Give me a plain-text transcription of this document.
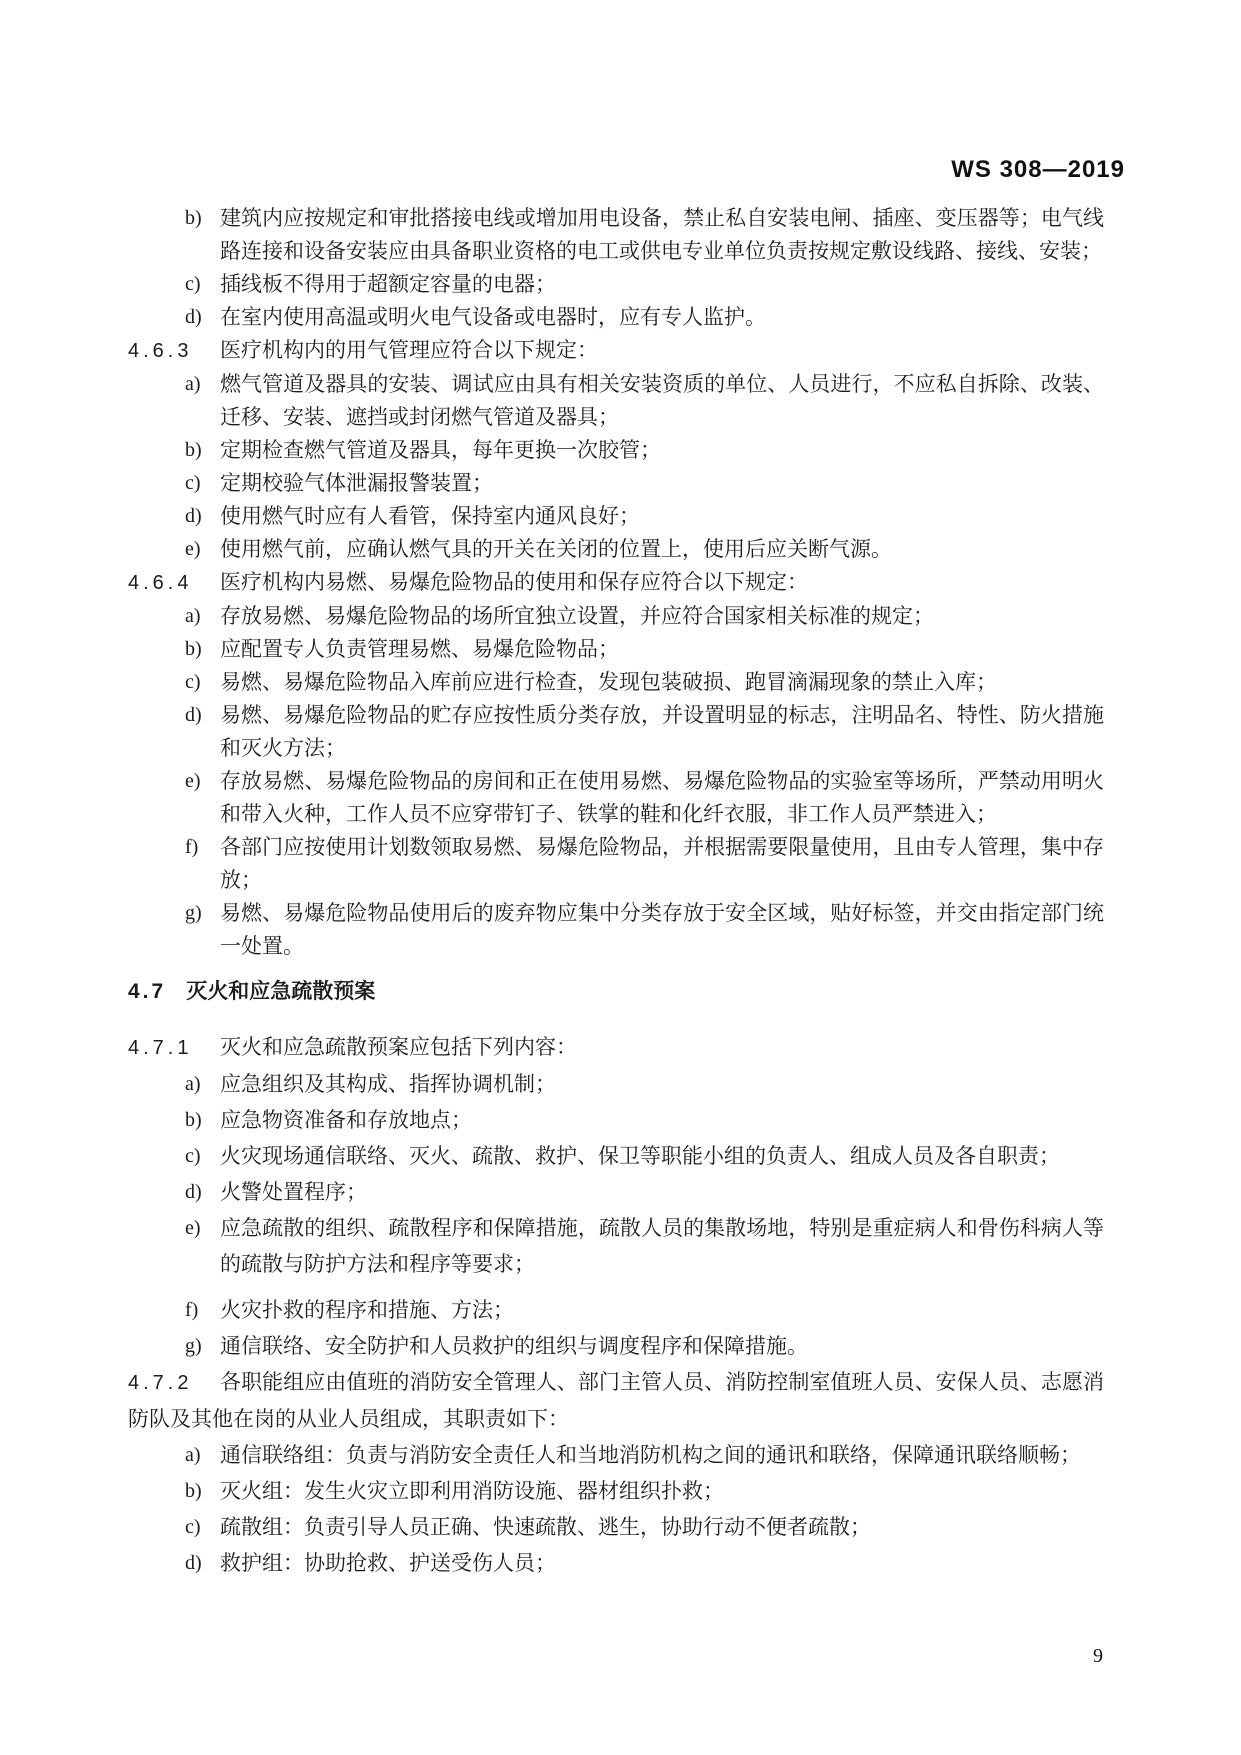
WS 308—2019
b) 建筑内应按规定和审批搭接电线或增加用电设备，禁止私自安装电闸、插座、变压器等；电气线路连接和设备安装应由具备职业资格的电工或供电专业单位负责按规定敷设线路、接线、安装；
c) 插线板不得用于超额定容量的电器；
d) 在室内使用高温或明火电气设备或电器时，应有专人监护。

4.6.3 医疗机构内的用气管理应符合以下规定：

a) 燃气管道及器具的安装、调试应由具有相关安装资质的单位、人员进行，不应私自拆除、改装、迁移、安装、遮挡或封闭燃气管道及器具；
b) 定期检查燃气管道及器具，每年更换一次胶管；
c) 定期校验气体泄漏报警装置；
d) 使用燃气时应有人看管，保持室内通风良好；
e) 使用燃气前，应确认燃气具的开关在关闭的位置上，使用后应关断气源。

4.6.4 医疗机构内易燃、易爆危险物品的使用和保存应符合以下规定：

a) 存放易燃、易爆危险物品的场所宜独立设置，并应符合国家相关标准的规定；
b) 应配置专人负责管理易燃、易爆危险物品；
c) 易燃、易爆危险物品入库前应进行检查，发现包装破损、跑冒滴漏现象的禁止入库；
d) 易燃、易爆危险物品的贮存应按性质分类存放，并设置明显的标志，注明品名、特性、防火措施和灭火方法；
e) 存放易燃、易爆危险物品的房间和正在使用易燃、易爆危险物品的实验室等场所，严禁动用明火和带入火种，工作人员不应穿带钉子、铁掌的鞋和化纤衣服，非工作人员严禁进入；
f)	各部门应按使用计划数领取易燃、易爆危险物品，并根据需要限量使用，且由专人管理，集中存放；
g) 易燃、易爆危险物品使用后的废弃物应集中分类存放于安全区域，贴好标签，并交由指定部门统一处置。
4.7 灭火和应急疏散预案

4.7.1 灭火和应急疏散预案应包括下列内容：

a) 应急组织及其构成、指挥协调机制；
b) 应急物资准备和存放地点；
c) 火灾现场通信联络、灭火、疏散、救护、保卫等职能小组的负责人、组成人员及各自职责；
d) 火警处置程序；
e) 应急疏散的组织、疏散程序和保障措施，疏散人员的集散场地，特别是重症病人和骨伤科病人等的疏散与防护方法和程序等要求；
f)	火灾扑救的程序和措施、方法；
g) 通信联络、安全防护和人员救护的组织与调度程序和保障措施。

4.7.2 各职能组应由值班的消防安全管理人、部门主管人员、消防控制室值班人员、安保人员、志愿消防队及其他在岗的从业人员组成，其职责如下：

a) 通信联络组：负责与消防安全责任人和当地消防机构之间的通讯和联络，保障通讯联络顺畅；
b) 灭火组：发生火灾立即利用消防设施、器材组织扑救；
c) 疏散组：负责引导人员正确、快速疏散、逃生，协助行动不便者疏散；
d) 救护组：协助抢救、护送受伤人员；
9
